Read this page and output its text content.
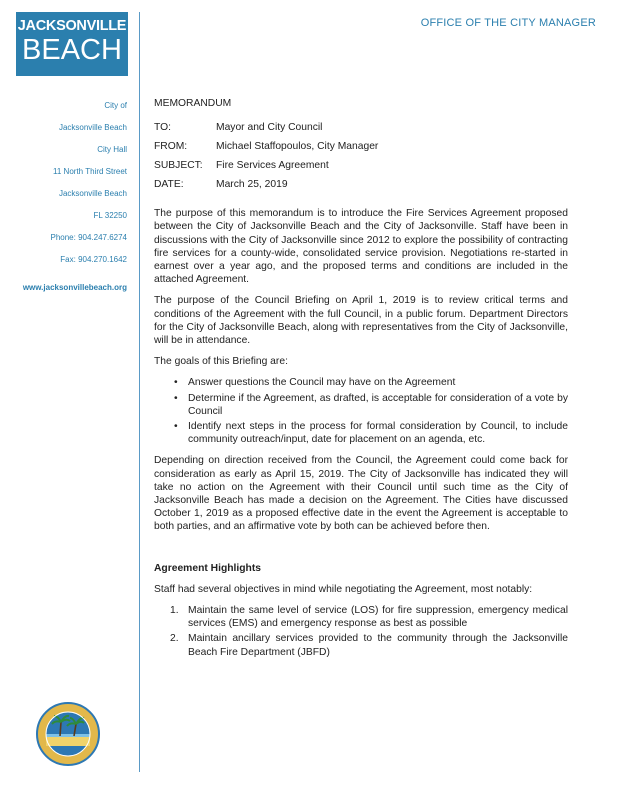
JACKSONVILLE
BEACH
OFFICE OF THE CITY MANAGER
City of
Jacksonville Beach
City Hall
11 North Third Street
Jacksonville Beach
FL 32250
Phone: 904.247.6274
Fax: 904.270.1642
www.jacksonvillebeach.org
MEMORANDUM
TO:	Mayor and City Council
FROM:	Michael Staffopoulos, City Manager
SUBJECT:	Fire Services Agreement
DATE:	March 25, 2019

The purpose of this memorandum is to introduce the Fire Services Agreement proposed between the City of Jacksonville Beach and the City of Jacksonville. Staff have been in discussions with the City of Jacksonville since 2012 to explore the possibility of contracting fire services for a county-wide, consolidated service provision. Negotiations re-started in earnest over a year ago, and the proposed terms and conditions are included in the attached Agreement.

The purpose of the Council Briefing on April 1, 2019 is to review critical terms and conditions of the Agreement with the full Council, in a public forum. Department Directors for the City of Jacksonville Beach, along with representatives from the City of Jacksonville, will be in attendance.

The goals of this Briefing are:

• Answer questions the Council may have on the Agreement
• Determine if the Agreement, as drafted, is acceptable for consideration of a vote by Council
• Identify next steps in the process for formal consideration by Council, to include community outreach/input, date for placement on an agenda, etc.

Depending on direction received from the Council, the Agreement could come back for consideration as early as April 15, 2019. The City of Jacksonville has indicated they will take no action on the Agreement with their Council until such time as the City of Jacksonville Beach has made a decision on the Agreement. The Cities have discussed October 1, 2019 as a proposed effective date in the event the Agreement is acceptable to both parties, and an affirmative vote by both can be achieved before then.

Agreement Highlights

Staff had several objectives in mind while negotiating the Agreement, most notably:

1. Maintain the same level of service (LOS) for fire suppression, emergency medical services (EMS) and emergency response as best as possible
2. Maintain ancillary services provided to the community through the Jacksonville Beach Fire Department (JBFD)
